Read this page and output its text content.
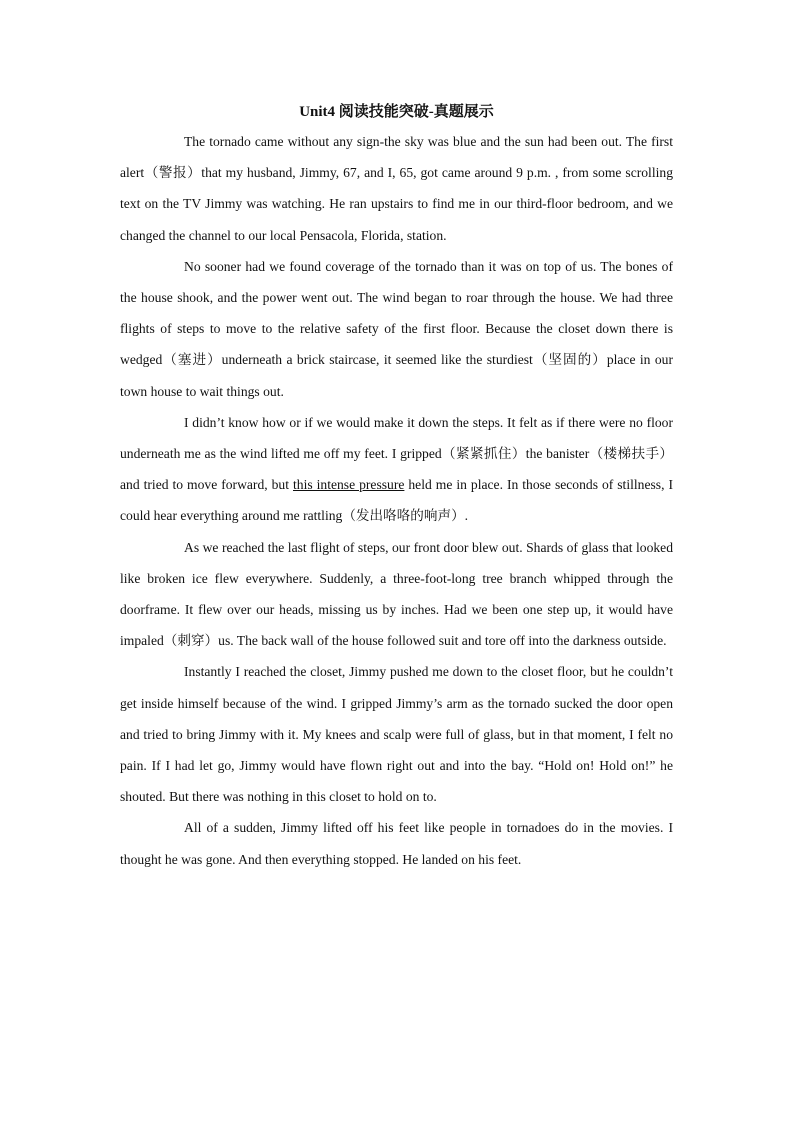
Unit4 阅读技能突破-真题展示

The tornado came without any sign-the sky was blue and the sun had been out. The first alert（警报）that my husband, Jimmy, 67, and I, 65, got came around 9 p.m. , from some scrolling text on the TV Jimmy was watching. He ran upstairs to find me in our third-floor bedroom, and we changed the channel to our local Pensacola, Florida, station.

No sooner had we found coverage of the tornado than it was on top of us. The bones of the house shook, and the power went out. The wind began to roar through the house. We had three flights of steps to move to the relative safety of the first floor. Because the closet down there is wedged（塞进）underneath a brick staircase, it seemed like the sturdiest（坚固的）place in our town house to wait things out.

I didn’t know how or if we would make it down the steps. It felt as if there were no floor underneath me as the wind lifted me off my feet. I gripped（紧紧抓住）the banister（楼梯扶手）and tried to move forward, but this intense pressure held me in place. In those seconds of stillness, I could hear everything around me rattling（发出咯咯的响声）.

As we reached the last flight of steps, our front door blew out. Shards of glass that looked like broken ice flew everywhere. Suddenly, a three-foot-long tree branch whipped through the doorframe. It flew over our heads, missing us by inches. Had we been one step up, it would have impaled（刺穿）us. The back wall of the house followed suit and tore off into the darkness outside.

Instantly I reached the closet, Jimmy pushed me down to the closet floor, but he couldn’t get inside himself because of the wind. I gripped Jimmy’s arm as the tornado sucked the door open and tried to bring Jimmy with it. My knees and scalp were full of glass, but in that moment, I felt no pain. If I had let go, Jimmy would have flown right out and into the bay. “Hold on! Hold on!” he shouted. But there was nothing in this closet to hold on to.

All of a sudden, Jimmy lifted off his feet like people in tornadoes do in the movies. I thought he was gone. And then everything stopped. He landed on his feet.
